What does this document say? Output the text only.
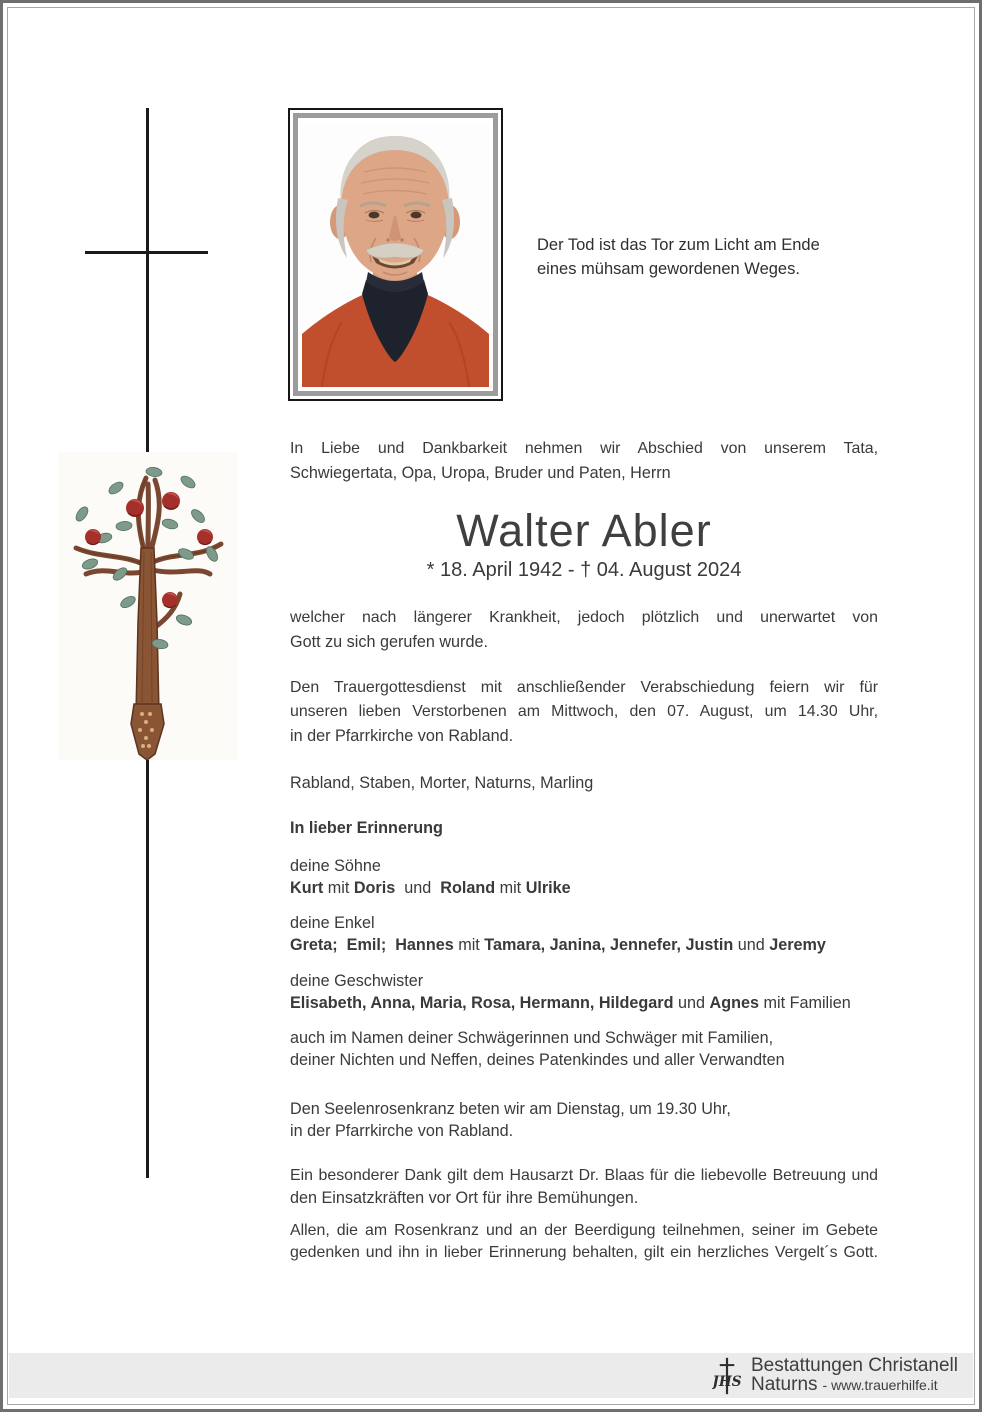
Der Tod ist das Tor zum Licht am Ende
eines mühsam gewordenen Weges.
In Liebe und Dankbarkeit nehmen wir Abschied von unserem Tata,
Schwiegertata, Opa, Uropa, Bruder und Paten, Herrn
Walter Abler
* 18. April 1942 - † 04. August 2024
welcher nach längerer Krankheit, jedoch plötzlich und unerwartet von
Gott zu sich gerufen wurde.
Den Trauergottesdienst mit anschließender Verabschiedung feiern wir für
unseren lieben Verstorbenen am Mittwoch, den 07. August, um 14.30 Uhr,
in der Pfarrkirche von Rabland.
Rabland, Staben, Morter, Naturns, Marling
In lieber Erinnerung
deine Söhne
Kurt mit Doris  und  Roland mit Ulrike
deine Enkel
Greta;  Emil;  Hannes mit Tamara, Janina, Jennefer, Justin und Jeremy
deine Geschwister
Elisabeth, Anna, Maria, Rosa, Hermann, Hildegard und Agnes mit Familien
auch im Namen deiner Schwägerinnen und Schwäger mit Familien,
deiner Nichten und Neffen, deines Patenkindes und aller Verwandten
Den Seelenrosenkranz beten wir am Dienstag, um 19.30 Uhr,
in der Pfarrkirche von Rabland.
Ein besonderer Dank gilt dem Hausarzt Dr. Blaas für die liebevolle Betreuung und
den Einsatzkräften vor Ort für ihre Bemühungen.
Allen, die am Rosenkranz und an der Beerdigung teilnehmen, seiner im Gebete
gedenken und ihn in lieber Erinnerung behalten, gilt ein herzliches Vergelt´s Gott.
JHS
Bestattungen Christanell
Naturns - www.trauerhilfe.it
